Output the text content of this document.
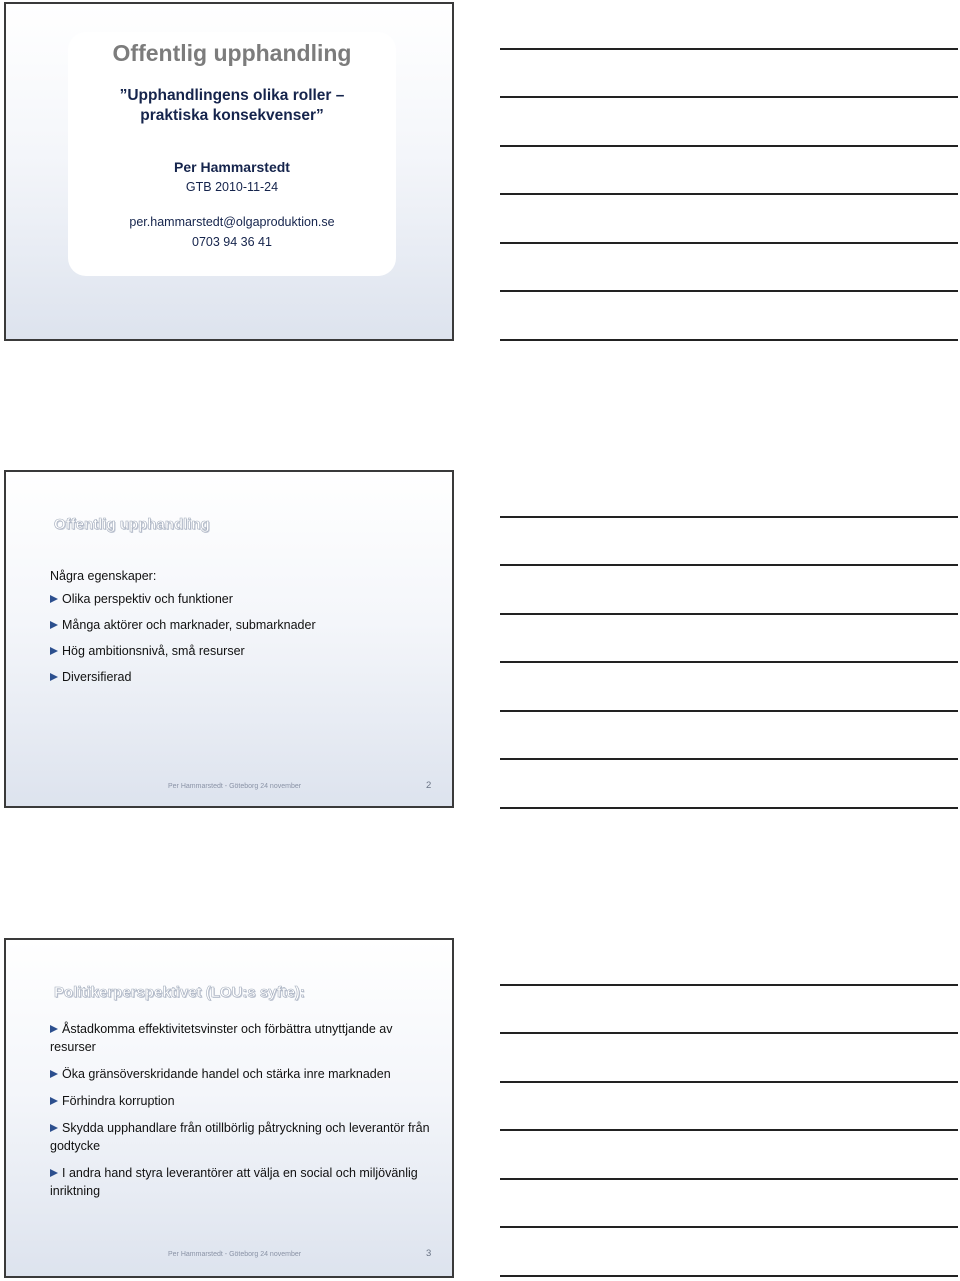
Offentlig upphandling
”Upphandlingens olika roller –
praktiska konsekvenser”
Per Hammarstedt
GTB 2010-11-24
per.hammarstedt@olgaproduktion.se
0703 94 36 41
Offentlig upphandling
Några egenskaper:
Olika perspektiv och funktioner
Många aktörer och marknader, submarknader
Hög ambitionsnivå, små resurser
Diversifierad
Per Hammarstedt - Göteborg 24 november	2
Politikerperspektivet (LOU:s syfte):
Åstadkomma effektivitetsvinster och förbättra utnyttjande av resurser
Öka gränsöverskridande handel och stärka inre marknaden
Förhindra korruption
Skydda upphandlare från otillbörlig påtryckning och leverantör från godtycke
I andra hand styra leverantörer att välja en social och miljövänlig inriktning
Per Hammarstedt - Göteborg 24 november	3
